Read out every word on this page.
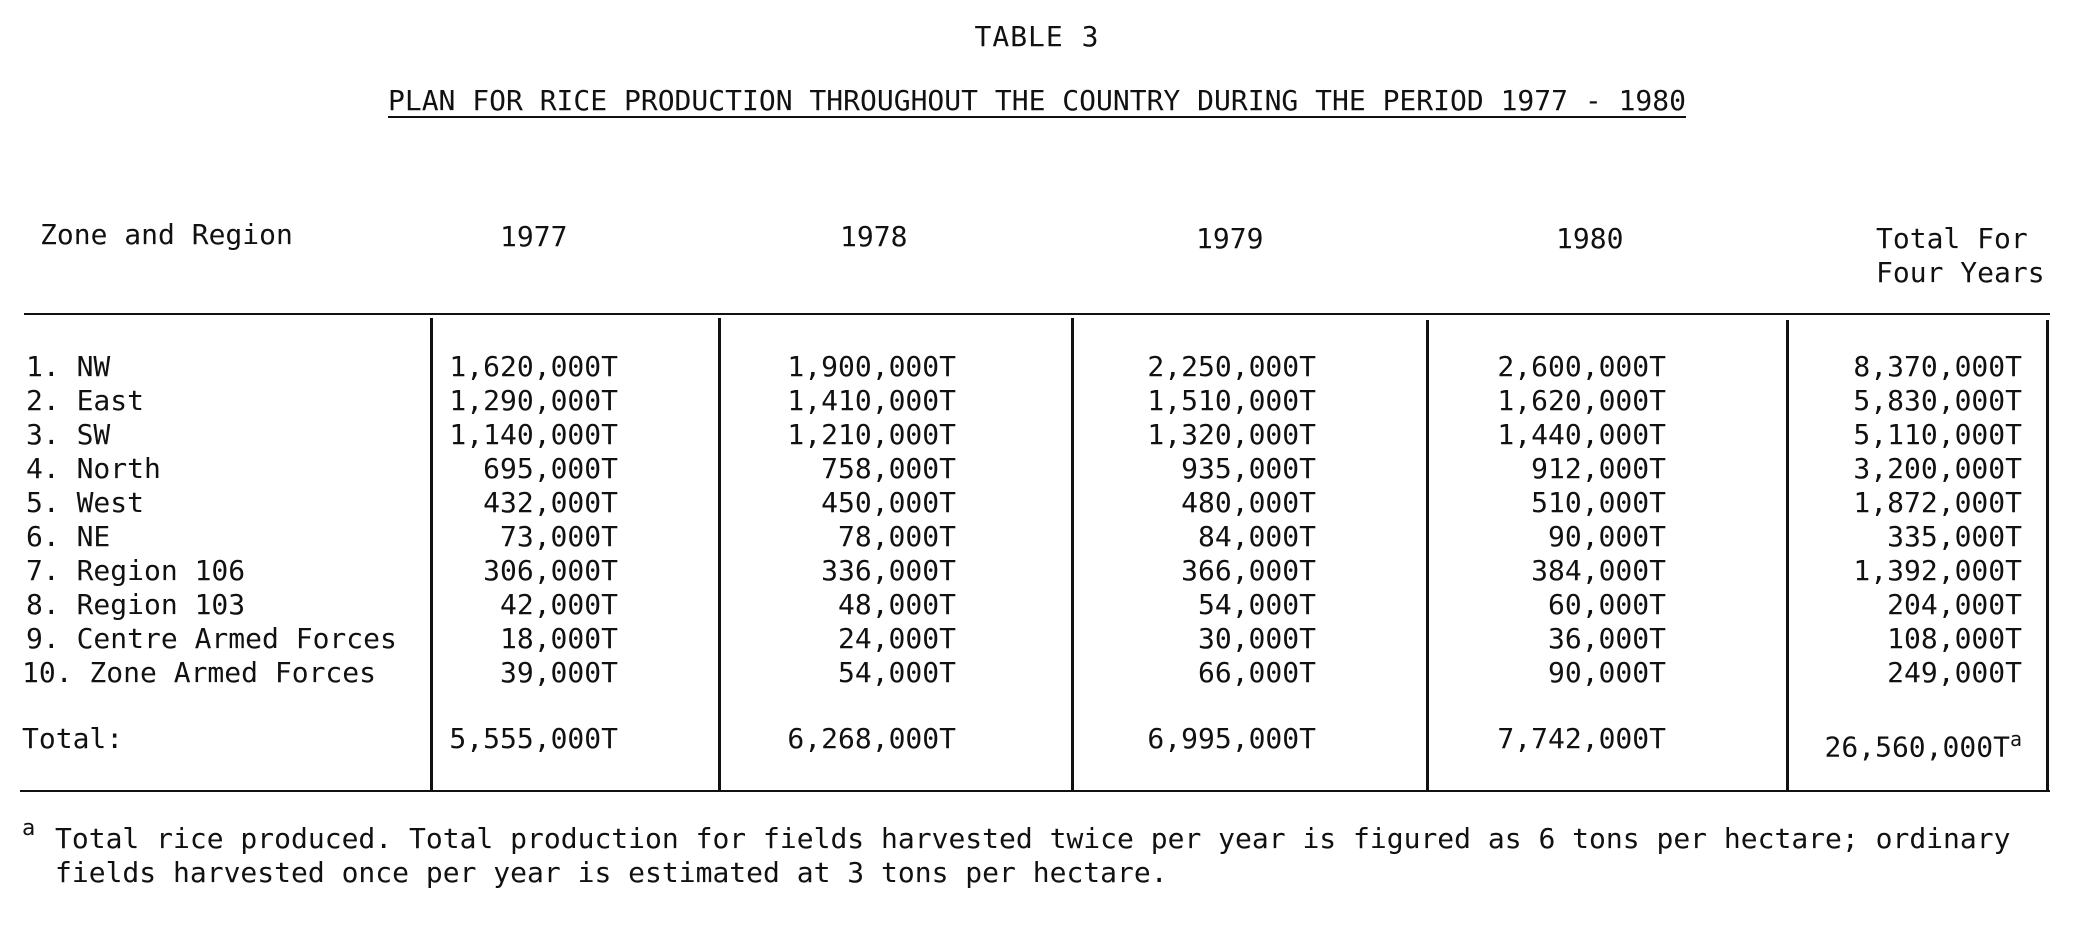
TABLE 3
PLAN FOR RICE PRODUCTION THROUGHOUT THE COUNTRY DURING THE PERIOD 1977 - 1980
Zone and Region	1977	1978	1979	1980	Total For
Four Years
1. NW	1,620,000T	1,900,000T	2,250,000T	2,600,000T	8,370,000T
2. East	1,290,000T	1,410,000T	1,510,000T	1,620,000T	5,830,000T
3. SW	1,140,000T	1,210,000T	1,320,000T	1,440,000T	5,110,000T
4. North	695,000T	758,000T	935,000T	912,000T	3,200,000T
5. West	432,000T	450,000T	480,000T	510,000T	1,872,000T
6. NE	73,000T	78,000T	84,000T	90,000T	335,000T
7. Region 106	306,000T	336,000T	366,000T	384,000T	1,392,000T
8. Region 103	42,000T	48,000T	54,000T	60,000T	204,000T
9. Centre Armed Forces	18,000T	24,000T	30,000T	36,000T	108,000T
10. Zone Armed Forces	39,000T	54,000T	66,000T	90,000T	249,000T
Total:	5,555,000T	6,268,000T	6,995,000T	7,742,000T	$26,560,000T^a$
a Total rice produced. Total production for fields harvested twice per year is figured as 6 tons per hectare; ordinary fields harvested once per year is estimated at 3 tons per hectare.
